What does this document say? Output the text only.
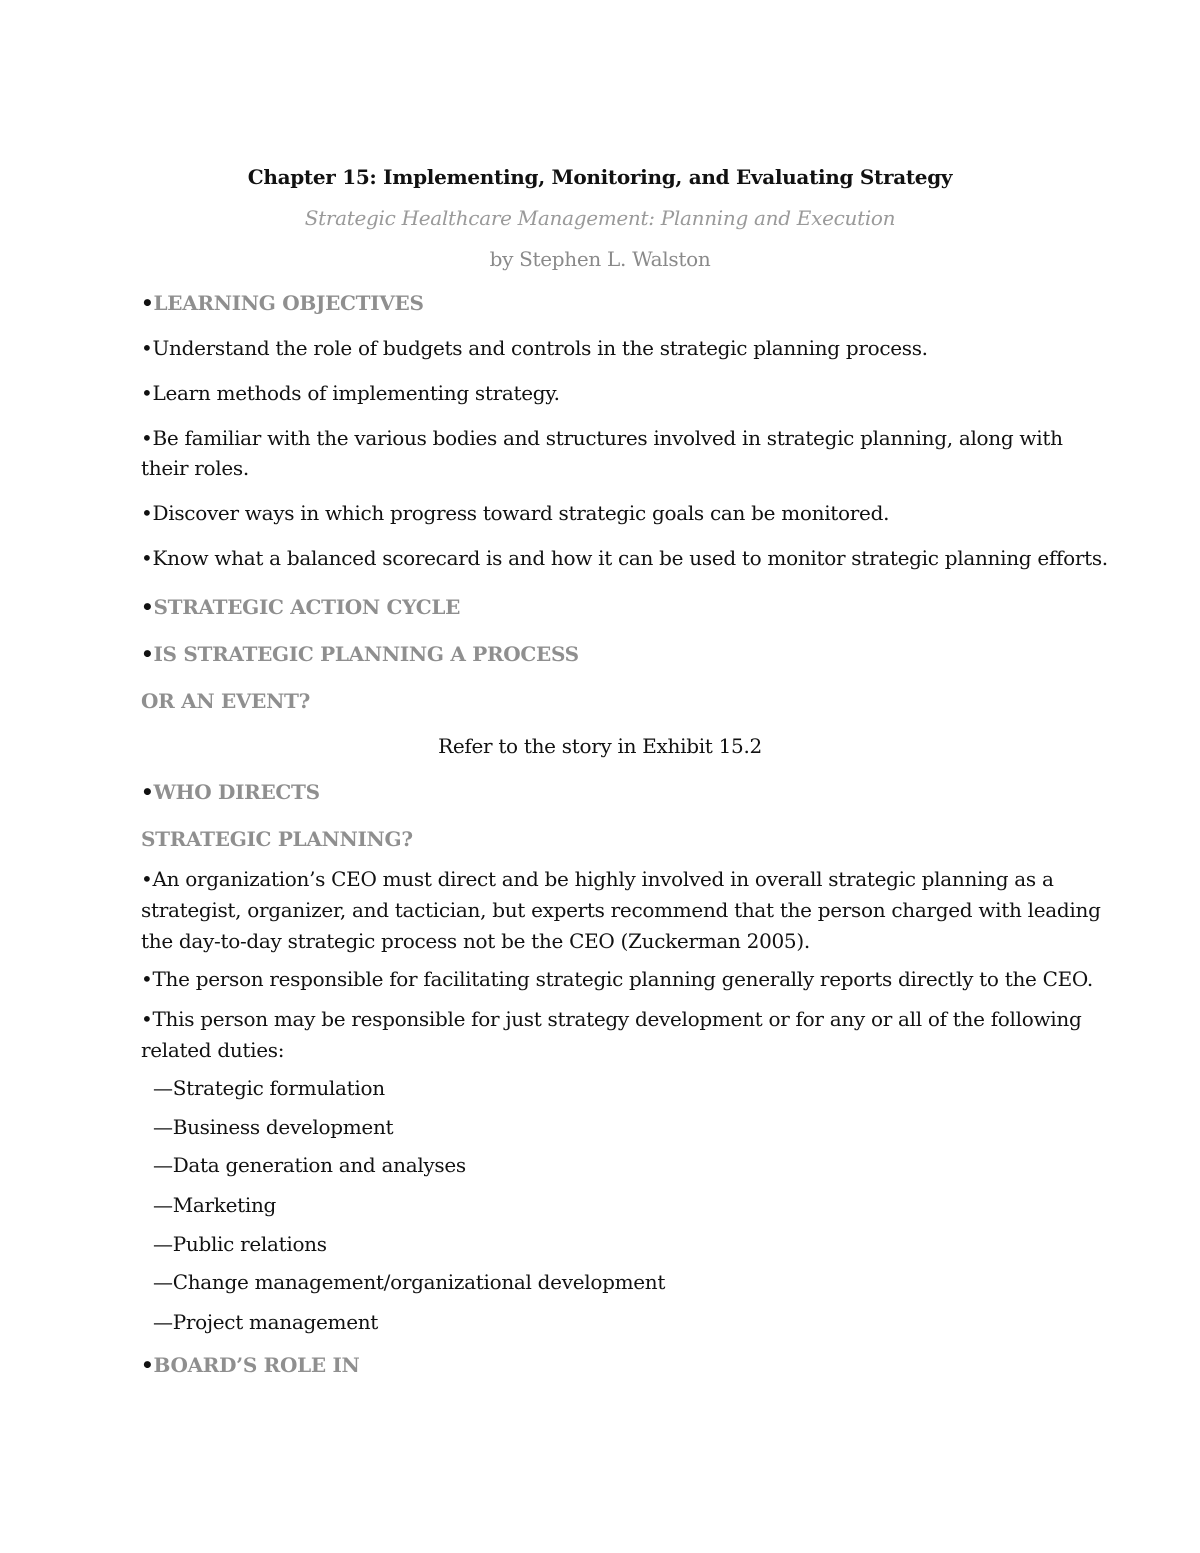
Chapter 15: Implementing, Monitoring, and Evaluating Strategy
Strategic Healthcare Management: Planning and Execution
by Stephen L. Walston
•LEARNING OBJECTIVES
•Understand the role of budgets and controls in the strategic planning process.
•Learn methods of implementing strategy.
•Be familiar with the various bodies and structures involved in strategic planning, along with
their roles.
•Discover ways in which progress toward strategic goals can be monitored.
•Know what a balanced scorecard is and how it can be used to monitor strategic planning efforts.
•STRATEGIC ACTION CYCLE
•IS STRATEGIC PLANNING A PROCESS
OR AN EVENT?
Refer to the story in Exhibit 15.2
•WHO DIRECTS
STRATEGIC PLANNING?
•An organization’s CEO must direct and be highly involved in overall strategic planning as a
strategist, organizer, and tactician, but experts recommend that the person charged with leading
the day-to-day strategic process not be the CEO (Zuckerman 2005).
•The person responsible for facilitating strategic planning generally reports directly to the CEO.
•This person may be responsible for just strategy development or for any or all of the following
related duties:
—Strategic formulation
—Business development
—Data generation and analyses
—Marketing
—Public relations
—Change management/organizational development
—Project management
•BOARD’S ROLE IN
